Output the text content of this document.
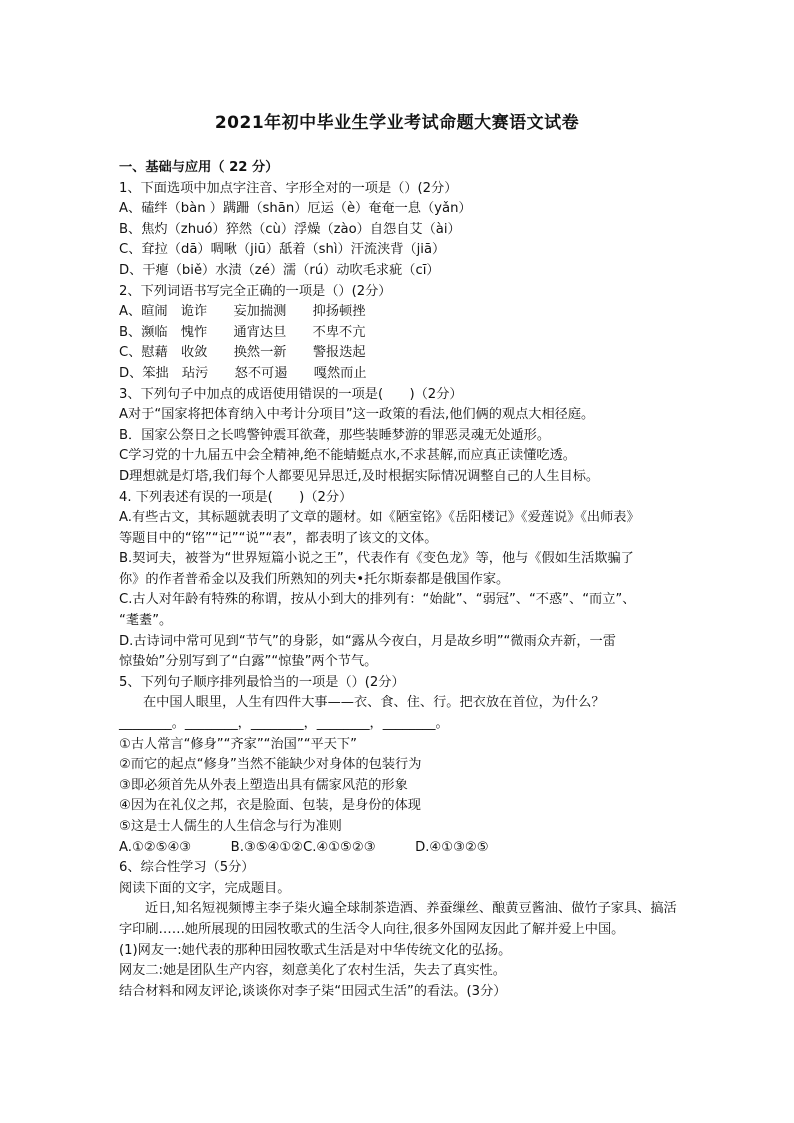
2021年初中毕业生学业考试命题大赛语文试卷
一、基础与应用（ 22 分）
1、下面选项中加点字注音、字形全对的一项是（）(2分）
A、磕绊（bàn ）蹒跚（shān）厄运（è）奄奄一息（yǎn）
B、焦灼（zhuó）猝然（cù）浮燥（zào）自怨自艾（ài）
C、耷拉（dā）啁啾（jiū）舐着（shì）汗流浃背（jiā）
D、干瘪（biě）水渍（zé）濡（rú）动吹毛求疵（cī）
2、下列词语书写完全正确的一项是（）(2分）
A、暄闹　诡诈　　妄加揣测　　抑扬顿挫
B、濒临　愧怍　　通宵达旦　　不卑不亢
C、慰藉　收敛　　换然一新　　警报迭起
D、笨拙　玷污　　怒不可遏　　嘎然而止
3、下列句子中加点的成语使用错误的一项是(　　)（2分）
A对于“国家将把体育纳入中考计分项目”这一政策的看法,他们俩的观点大相径庭。
B．国家公祭日之长鸣警钟震耳欲聋，那些装睡梦游的罪恶灵魂无处遁形。
C学习党的十九届五中会全精神,绝不能蜻蜓点水,不求甚解,而应真正读懂吃透。
D理想就是灯塔,我们每个人都要见异思迁,及时根据实际情况调整自己的人生目标。
4. 下列表述有误的一项是(　　)（2分）
A.有些古文，其标题就表明了文章的题材。如《陋室铭》《岳阳楼记》《爱莲说》《出师表》
等题目中的“铭”“记”“说”“表”，都表明了该文的文体。
B.契诃夫，被誉为“世界短篇小说之王”，代表作有《变色龙》等，他与《假如生活欺骗了
你》的作者普希金以及我们所熟知的列夫•托尔斯泰都是俄国作家。
C.古人对年龄有特殊的称谓，按从小到大的排列有：“始龀”、“弱冠”、“不惑”、“而立”、
“耄耋”。
D.古诗词中常可见到“节气”的身影，如“露从今夜白，月是故乡明”“微雨众卉新，一雷
惊蛰始”分别写到了“白露”“惊蛰”两个节气。
5、下列句子顺序排列最恰当的一项是（）(2分）
在中国人眼里，人生有四件大事——衣、食、住、行。把衣放在首位，为什么？
________。________，________，________，________。
①古人常言“修身”“齐家”“治国”“平天下”
②而它的起点“修身”当然不能缺少对身体的包装行为
③即必须首先从外表上塑造出具有儒家风范的形象
④因为在礼仪之邦，衣是脸面、包装，是身份的体现
⑤这是士人儒生的人生信念与行为准则
A.①②⑤④③　　　B.③⑤④①②C.④①⑤②③　　　D.④①③②⑤
6、综合性学习（5分）
阅读下面的文字，完成题目。
近日,知名短视频博主李子柒火遍全球制茶造酒、养蚕缫丝、酿黄豆酱油、做竹子家具、搞活字印刷……她所展现的田园牧歌式的生活令人向往,很多外国网友因此了解并爱上中国。
(1)网友一:她代表的那种田园牧歌式生活是对中华传统文化的弘扬。
网友二:她是团队生产内容，刻意美化了农村生活，失去了真实性。
结合材料和网友评论,谈谈你对李子柒“田园式生活”的看法。(3分）
